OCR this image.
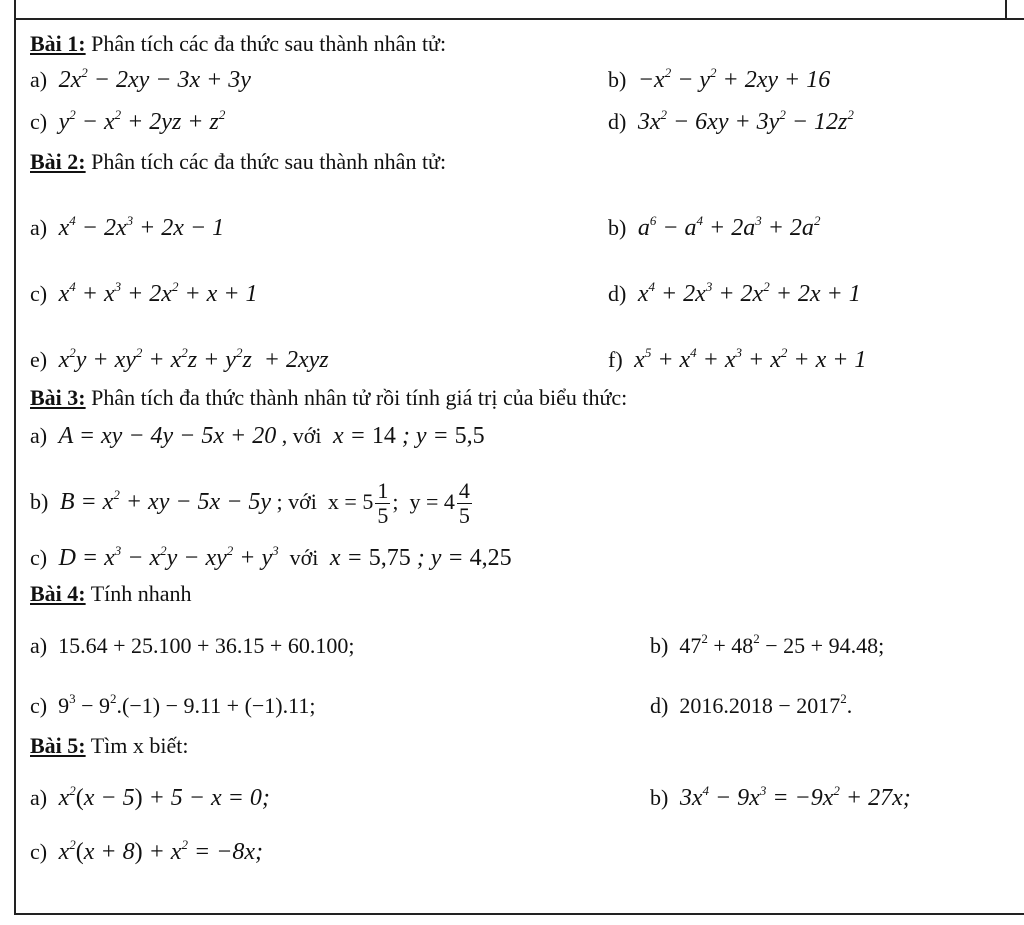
Bài 1: Phân tích các đa thức sau thành nhân tử:
a)  $2x^2 - 2xy - 3x + 3y$	$b) -x^2 - y^2 + 2xy + 16$
c)  $y^2 - x^2 + 2yz + z^2$	d)  $3x^2 - 6xy + 3y^2 - 12z^2$
Bài 2: Phân tích các đa thức sau thành nhân tử:
a)  $x^4 - 2x^3 + 2x - 1$	b)  $a^6 - a^4 + 2a^3 + 2a^2$
c)  $x^4 + x^3 + 2x^2 + x + 1$	d)  $x^4 + 2x^3 + 2x^2 + 2x + 1$
e)  $x^2y + xy^2 + x^2z + y^2z + 2xyz$	f)  $x^5 + x^4 + x^3 + x^2 + x + 1$
Bài 3: Phân tích đa thức thành nhân tử rồi tính giá trị của biểu thức:
a)  A = xy − 4y − 5x + 20 , với  x = 14 ; y = 5,5
b)  $B = x^2$ + xy − 5x − 5y ; với  $x = 5 \frac{1}{5}$ ;  $y = 4 \frac{4}{5}$
c)  $D = x^3 - x^2y - xy^2 + y^3$ với  x = 5,75 ; y = 4,25
Bài 4: Tính nhanh
a)  15.64 + 25.100 + 36.15 + 60.100;	b)  $47^2 + 48^2 - 25 + 94.48$;
c)  $9^3 - 9^2.(-1) - 9.11 + (-1).11$;	d)  $2016.2018 - 2017^2$.
Bài 5: Tìm x biết:
a)  $x^2(x - 5) + 5 - x = 0$;	b)  $3x^4 - 9x^3 = -9x^2 + 27x$;
c)  $x^2(x + 8) + x^2 = -8x$;
